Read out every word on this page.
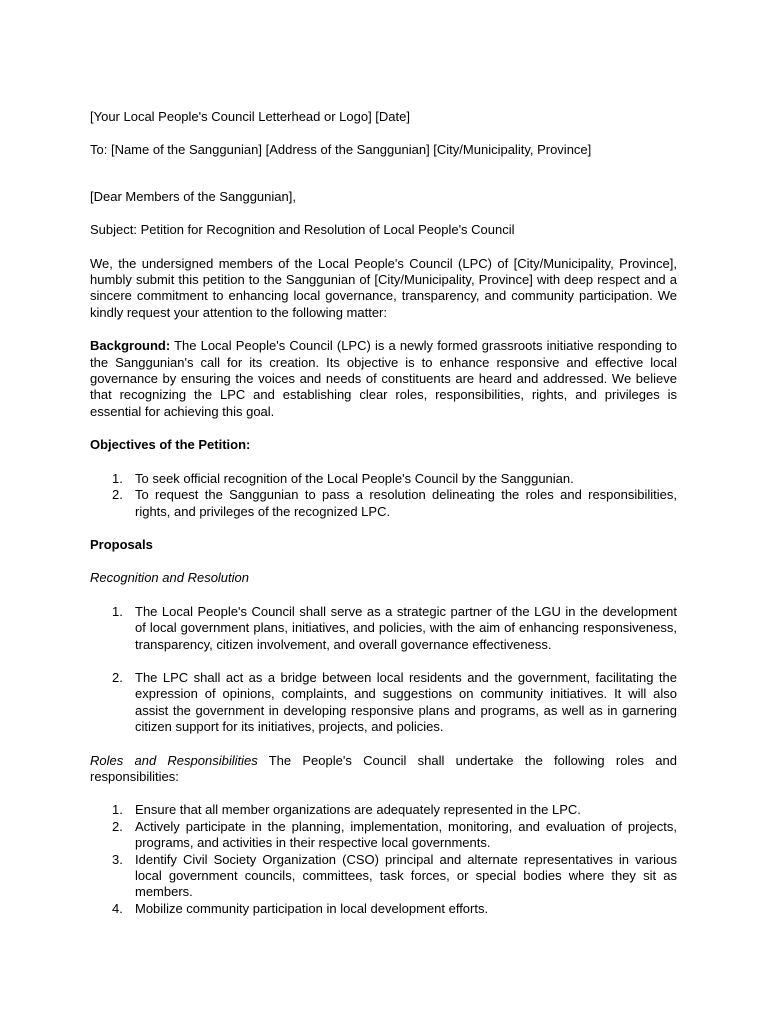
[Your Local People's Council Letterhead or Logo] [Date]

To: [Name of the Sanggunian] [Address of the Sanggunian] [City/Municipality, Province]

[Dear Members of the Sanggunian],

Subject: Petition for Recognition and Resolution of Local People's Council

We, the undersigned members of the Local People's Council (LPC) of [City/Municipality, Province], humbly submit this petition to the Sanggunian of [City/Municipality, Province] with deep respect and a sincere commitment to enhancing local governance, transparency, and community participation. We kindly request your attention to the following matter:

Background: The Local People's Council (LPC) is a newly formed grassroots initiative responding to the Sanggunian's call for its creation. Its objective is to enhance responsive and effective local governance by ensuring the voices and needs of constituents are heard and addressed. We believe that recognizing the LPC and establishing clear roles, responsibilities, rights, and privileges is essential for achieving this goal.

Objectives of the Petition:

1. To seek official recognition of the Local People's Council by the Sanggunian.
2. To request the Sanggunian to pass a resolution delineating the roles and responsibilities, rights, and privileges of the recognized LPC.

Proposals

Recognition and Resolution

1. The Local People's Council shall serve as a strategic partner of the LGU in the development of local government plans, initiatives, and policies, with the aim of enhancing responsiveness, transparency, citizen involvement, and overall governance effectiveness.
2. The LPC shall act as a bridge between local residents and the government, facilitating the expression of opinions, complaints, and suggestions on community initiatives. It will also assist the government in developing responsive plans and programs, as well as in garnering citizen support for its initiatives, projects, and policies.

Roles and Responsibilities The People's Council shall undertake the following roles and responsibilities:

1. Ensure that all member organizations are adequately represented in the LPC.
2. Actively participate in the planning, implementation, monitoring, and evaluation of projects, programs, and activities in their respective local governments.
3. Identify Civil Society Organization (CSO) principal and alternate representatives in various local government councils, committees, task forces, or special bodies where they sit as members.
4. Mobilize community participation in local development efforts.
